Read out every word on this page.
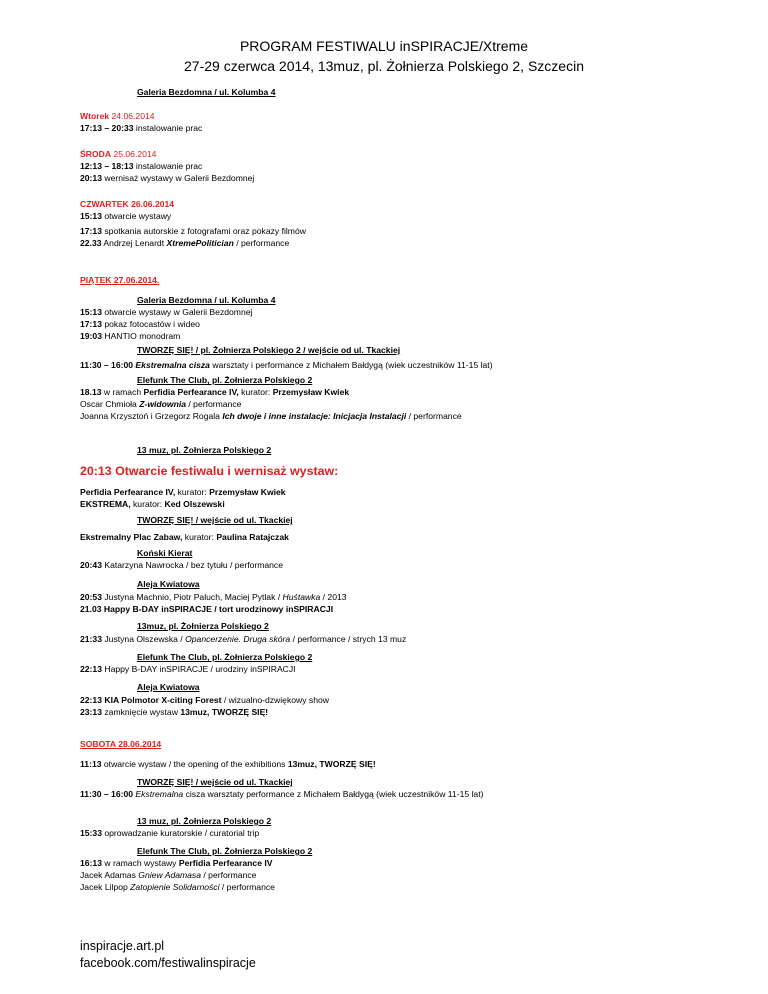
PROGRAM FESTIWALU inSPIRACJE/Xtreme
27-29 czerwca 2014, 13muz, pl. Żołnierza Polskiego 2, Szczecin
Galeria Bezdomna / ul. Kolumba 4
Wtorek 24.06.2014
17:13 – 20:33 instalowanie prac
ŚRODA 25.06.2014
12:13 – 18:13 instalowanie prac
20:13 wernisaż wystawy w Galerii Bezdomnej
CZWARTEK 26.06.2014
15:13 otwarcie wystawy
17:13 spotkania autorskie z fotografami oraz pokazy filmów
22.33 Andrzej Lenardt XtremePolitician / performance
PIĄTEK 27.06.2014.
Galeria Bezdomna / ul. Kolumba 4
15:13 otwarcie wystawy w Galerii Bezdomnej
17:13 pokaz fotocastów i wideo
19:03 HANTIO monodram
TWORZĘ SIĘ! / pl. Żołnierza Polskiego 2 / wejście od ul. Tkackiej
11:30 – 16:00 Ekstremalna cisza warsztaty i performance z Michałem Bałdygą (wiek uczestników 11-15 lat)
Elefunk The Club, pl. Żołnierza Polskiego 2
18.13 w ramach Perfidia Perfearance IV, kurator: Przemysław Kwiek
Oscar Chmioła Z-widownia / performance
Joanna Krzysztoń i Grzegorz Rogala Ich dwoje i inne instalacje: Inicjacja Instalacji / performance
13 muz, pl. Żołnierza Polskiego 2
20:13 Otwarcie festiwalu i wernisaż wystaw:
Perfidia Perfearance IV, kurator: Przemysław Kwiek
EKSTREMA, kurator: Ked Olszewski
TWORZĘ SIĘ! / wejście od ul. Tkackiej
Ekstremalny Plac Zabaw, kurator: Paulina Ratajczak
Koński Kierat
20:43 Katarzyna Nawrocka / bez tytułu / performance
Aleja Kwiatowa
20:53 Justyna Machnio, Piotr Paluch, Maciej Pytlak / Huśtawka / 2013
21.03 Happy B-DAY inSPIRACJE / tort urodzinowy inSPIRACJI
13muz, pl. Żołnierza Polskiego 2
21:33 Justyna Olszewska / Opancerzenie. Druga skóra / performance / strych 13 muz
Elefunk The Club, pl. Żołnierza Polskiego 2
22:13 Happy B-DAY inSPIRACJE / urodziny inSPIRACJI
Aleja Kwiatowa
22:13 KIA Polmotor X-citing Forest / wizualno-dzwiękowy show
23:13 zamknięcie wystaw 13muz, TWORZĘ SIĘ!
SOBOTA 28.06.2014
11:13 otwarcie wystaw / the opening of the exhibitions 13muz, TWORZĘ SIĘ!
TWORZĘ SIĘ! / wejście od ul. Tkackiej
11:30 – 16:00 Ekstremalna cisza warsztaty performance z Michałem Bałdygą (wiek uczestników 11-15 lat)
13 muz, pl. Żołnierza Polskiego 2
15:33 oprowadzanie kuratorskie / curatorial trip
Elefunk The Club, pl. Żołnierza Polskiego 2
16:13 w ramach wystawy Perfidia Perfearance IV
Jacek Adamas Gniew Adamasa / performance
Jacek Lilpop Zatopienie Solidarności / performance
inspiracje.art.pl
facebook.com/festiwalinspiracje
